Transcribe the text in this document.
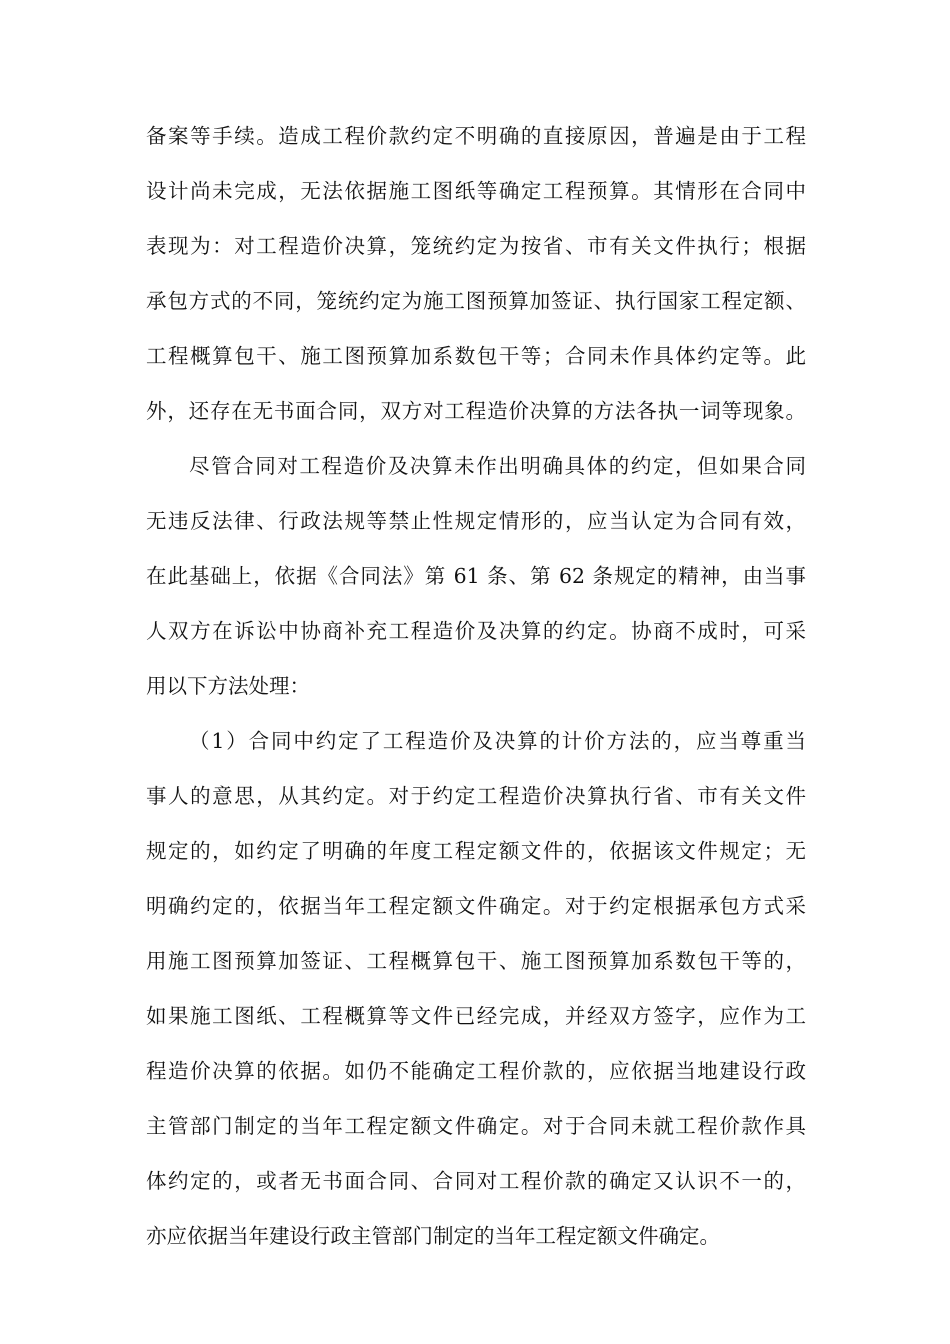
备案等手续。造成工程价款约定不明确的直接原因，普遍是由于工程
设计尚未完成，无法依据施工图纸等确定工程预算。其情形在合同中
表现为：对工程造价决算，笼统约定为按省、市有关文件执行；根据
承包方式的不同，笼统约定为施工图预算加签证、执行国家工程定额、
工程概算包干、施工图预算加系数包干等；合同未作具体约定等。此
外，还存在无书面合同，双方对工程造价决算的方法各执一词等现象。
尽管合同对工程造价及决算未作出明确具体的约定，但如果合同
无违反法律、行政法规等禁止性规定情形的，应当认定为合同有效，
在此基础上，依据《合同法》第 61 条、第 62 条规定的精神，由当事
人双方在诉讼中协商补充工程造价及决算的约定。协商不成时，可采
用以下方法处理：
（1）合同中约定了工程造价及决算的计价方法的，应当尊重当
事人的意思，从其约定。对于约定工程造价决算执行省、市有关文件
规定的，如约定了明确的年度工程定额文件的，依据该文件规定；无
明确约定的，依据当年工程定额文件确定。对于约定根据承包方式采
用施工图预算加签证、工程概算包干、施工图预算加系数包干等的，
如果施工图纸、工程概算等文件已经完成，并经双方签字，应作为工
程造价决算的依据。如仍不能确定工程价款的，应依据当地建设行政
主管部门制定的当年工程定额文件确定。对于合同未就工程价款作具
体约定的，或者无书面合同、合同对工程价款的确定又认识不一的，
亦应依据当年建设行政主管部门制定的当年工程定额文件确定。
